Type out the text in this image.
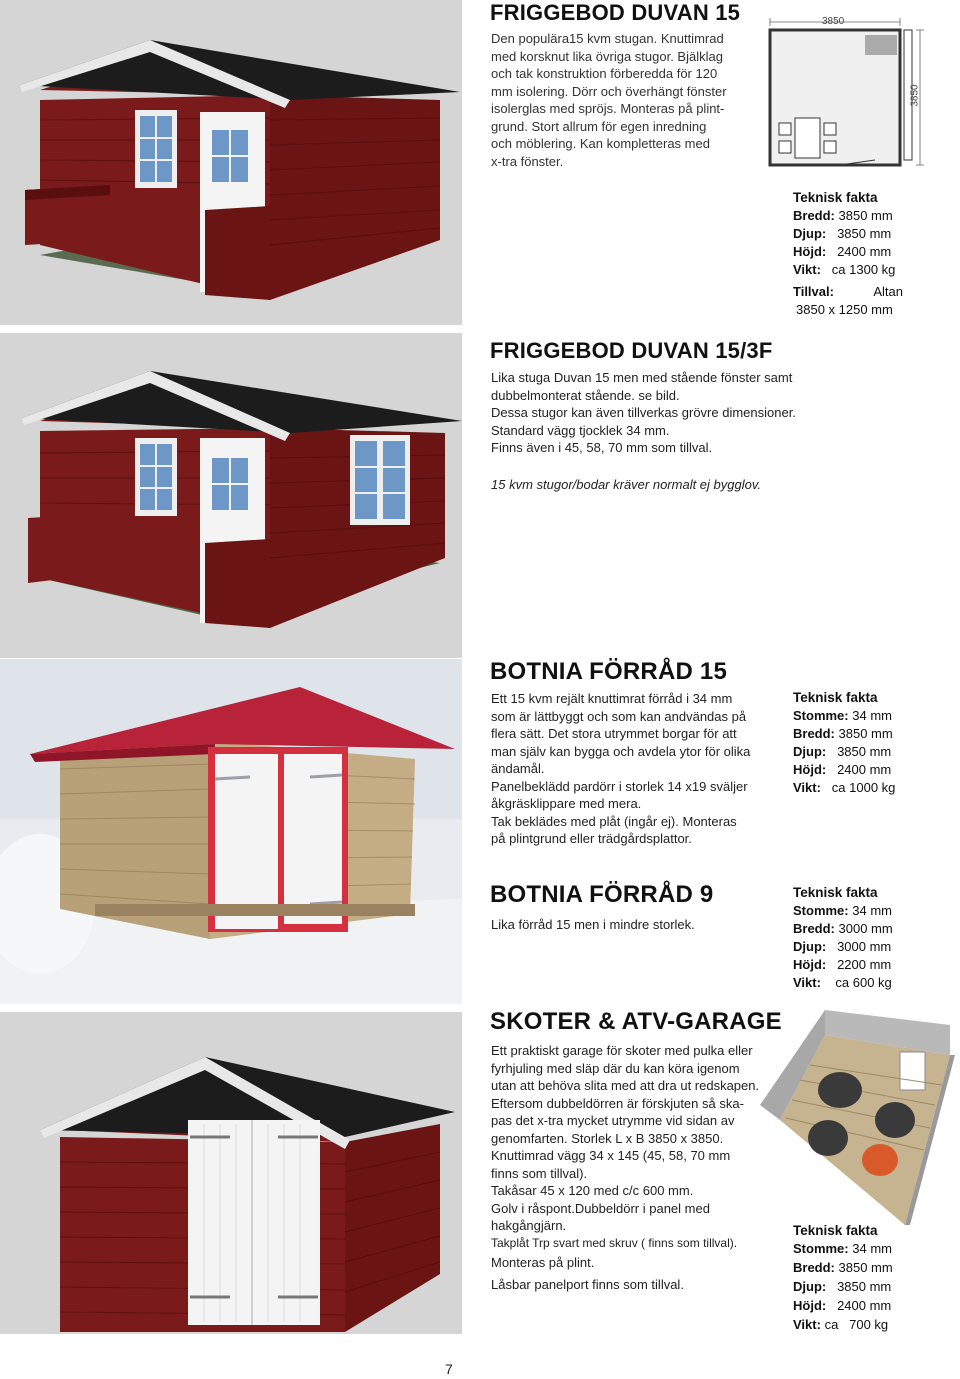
FRIGGEBOD DUVAN 15
Den populära15 kvm stugan. Knuttimrad
med korsknut lika övriga stugor. Bjälklag
och tak konstruktion förberedda för 120
mm isolering. Dörr och överhängt fönster
isolerglas med spröjs. Monteras på plint-
grund. Stort allrum för egen inredning
och möblering. Kan kompletteras med
x-tra fönster.
3850
3850
Teknisk fakta
Bredd: 3850 mm
Djup: 3850 mm
Höjd: 2400 mm
Vikt: ca 1300 kg
Tillval:	Altan
3850 x 1250 mm
FRIGGEBOD DUVAN 15/3F
Lika stuga Duvan 15 men med stående fönster samt
dubbelmonterat stående. se bild.
Dessa stugor kan även tillverkas grövre dimensioner.
Standard vägg tjocklek 34 mm.
Finns även i 45, 58, 70 mm som tillval.
15 kvm stugor/bodar kräver normalt ej bygglov.
BOTNIA FÖRRÅD 15
Ett 15 kvm rejält knuttimrat förråd i 34 mm
som är lättbyggt och som kan andvändas på
flera sätt. Det stora utrymmet borgar för att
man själv kan bygga och avdela ytor för olika
ändamål.
Panelbeklädd pardörr i storlek 14 x19 sväljer
åkgräsklippare med mera.
Tak beklädes med plåt (ingår ej). Monteras
på plintgrund eller trädgårdsplattor.
Teknisk fakta
Stomme: 34 mm
Bredd: 3850 mm
Djup: 3850 mm
Höjd: 2400 mm
Vikt: ca 1000 kg
BOTNIA FÖRRÅD 9
Lika förråd 15 men i mindre storlek.
Teknisk fakta
Stomme: 34 mm
Bredd: 3000 mm
Djup: 3000 mm
Höjd: 2200 mm
Vikt: ca 600 kg
SKOTER & ATV-GARAGE
Ett praktiskt garage för skoter med pulka eller
fyrhjuling med släp där du kan köra igenom
utan att behöva slita med att dra ut redskapen.
Eftersom dubbeldörren är förskjuten så ska-
pas det x-tra mycket utrymme vid sidan av
genomfarten. Storlek L x B 3850 x 3850.
Knuttimrad vägg 34 x 145 (45, 58, 70 mm
finns som tillval).
Takåsar 45 x 120 med c/c 600 mm.
Golv i råspont.Dubbeldörr i panel med
hakgångjärn.
Takplåt Trp svart med skruv ( finns som tillval).
Monteras på plint.
Låsbar panelport finns som tillval.
Teknisk fakta
Stomme: 34 mm
Bredd: 3850 mm
Djup: 3850 mm
Höjd: 2400 mm
Vikt: ca   700 kg
7
